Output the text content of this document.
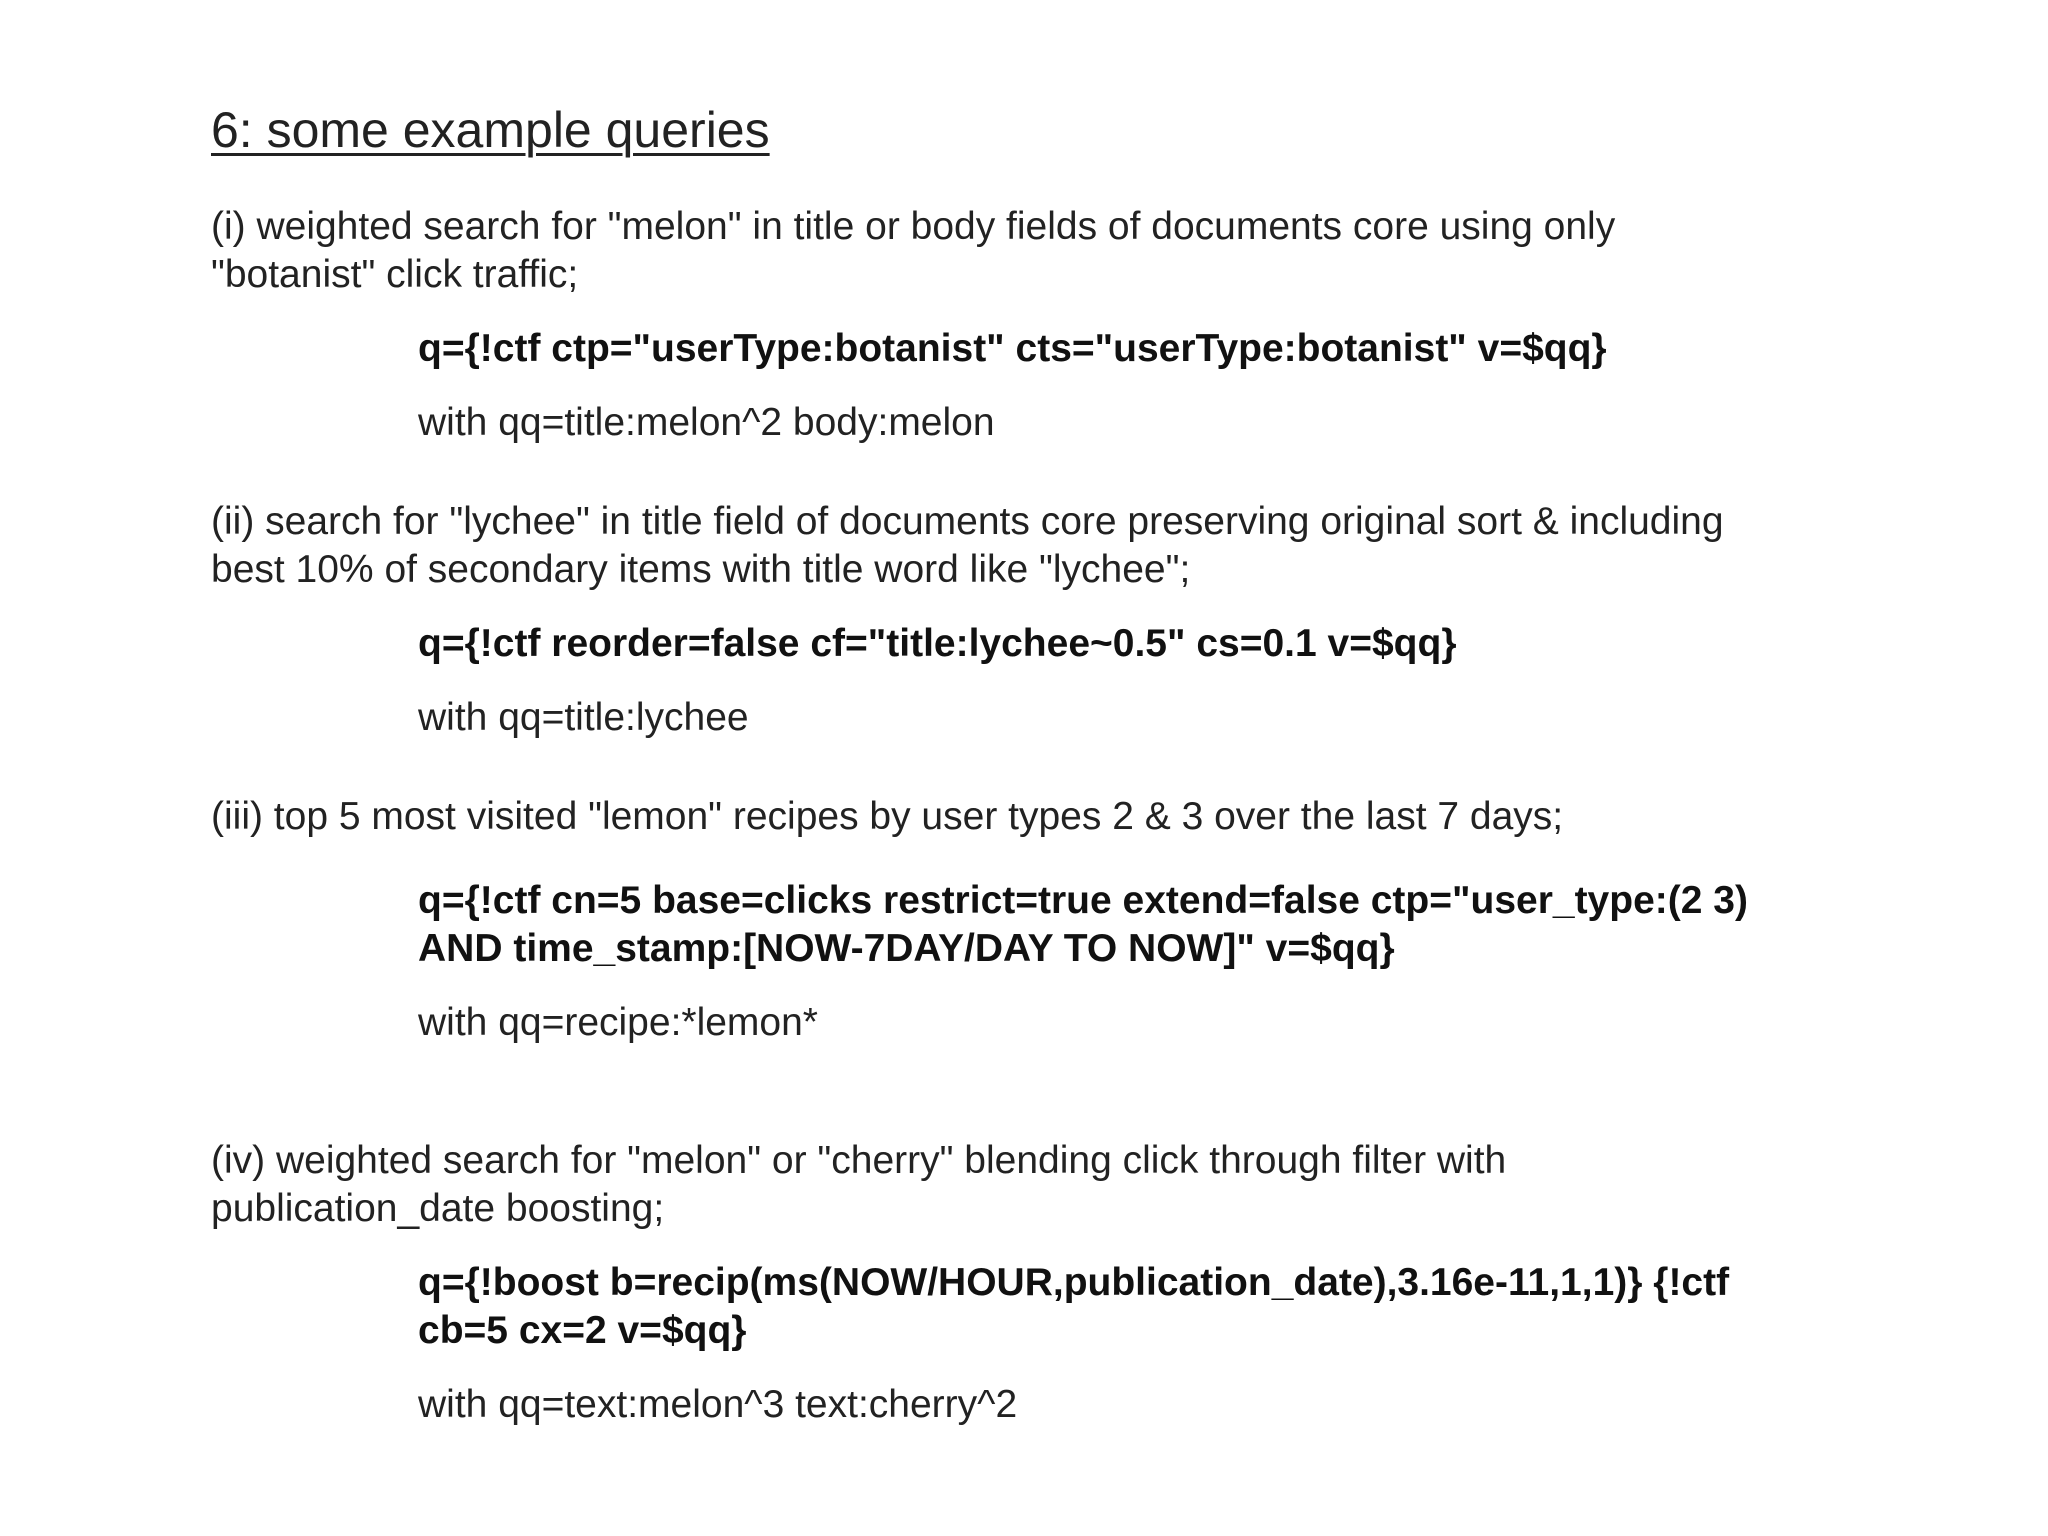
6: some example queries

(i) weighted search for "melon" in title or body fields of documents core using only "botanist" click traffic;

q={!ctf ctp="userType:botanist" cts="userType:botanist" v=$qq}

with qq=title:melon^2 body:melon

(ii) search for "lychee" in title field of documents core preserving original sort & including best 10% of secondary items with title word like "lychee";

q={!ctf reorder=false cf="title:lychee~0.5" cs=0.1 v=$qq}

with qq=title:lychee

(iii) top 5 most visited "lemon" recipes by user types 2 & 3 over the last 7 days;

q={!ctf cn=5 base=clicks restrict=true extend=false ctp="user_type:(2 3) AND time_stamp:[NOW-7DAY/DAY TO NOW]" v=$qq}

with qq=recipe:*lemon*

(iv) weighted search for "melon" or "cherry" blending click through filter with publication_date boosting;

q={!boost b=recip(ms(NOW/HOUR,publication_date),3.16e-11,1,1)} {!ctf cb=5 cx=2 v=$qq}

with qq=text:melon^3 text:cherry^2
